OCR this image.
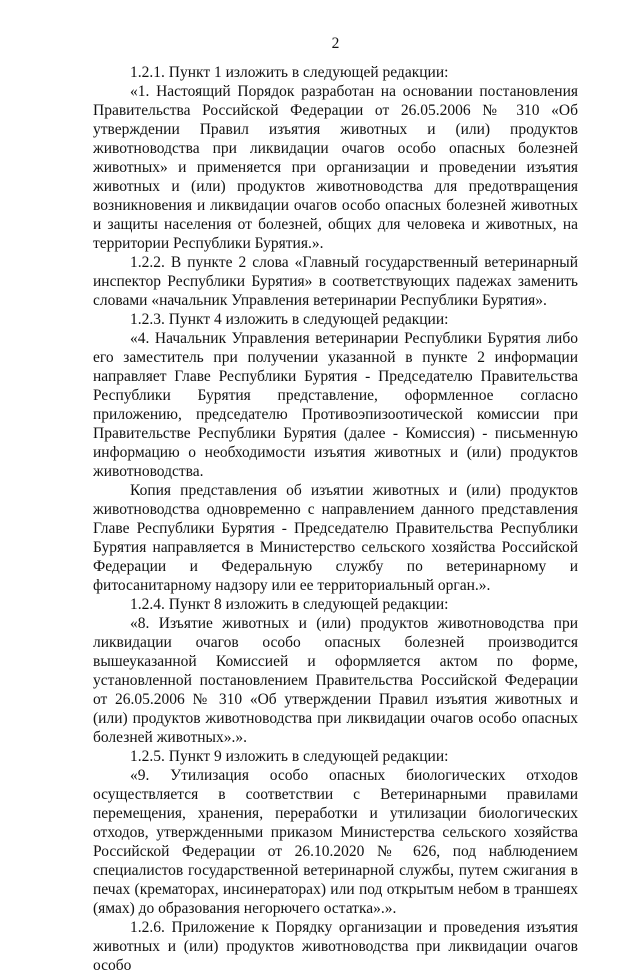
2

1.2.1. Пункт 1 изложить в следующей редакции:

«1. Настоящий Порядок разработан на основании постановления Правительства Российской Федерации от 26.05.2006 № 310 «Об утверждении Правил изъятия животных и (или) продуктов животноводства при ликвидации очагов особо опасных болезней животных» и применяется при организации и проведении изъятия животных и (или) продуктов животноводства для предотвращения возникновения и ликвидации очагов особо опасных болезней животных и защиты населения от болезней, общих для человека и животных, на территории Республики Бурятия.».

1.2.2. В пункте 2 слова «Главный государственный ветеринарный инспектор Республики Бурятия» в соответствующих падежах заменить словами «начальник Управления ветеринарии Республики Бурятия».

1.2.3. Пункт 4 изложить в следующей редакции:

«4. Начальник Управления ветеринарии Республики Бурятия либо его заместитель при получении указанной в пункте 2 информации направляет Главе Республики Бурятия - Председателю Правительства Республики Бурятия представление, оформленное согласно приложению, председателю Противоэпизоотической комиссии при Правительстве Республики Бурятия (далее - Комиссия) - письменную информацию о необходимости изъятия животных и (или) продуктов животноводства.

Копия представления об изъятии животных и (или) продуктов животноводства одновременно с направлением данного представления Главе Республики Бурятия - Председателю Правительства Республики Бурятия направляется в Министерство сельского хозяйства Российской Федерации и Федеральную службу по ветеринарному и фитосанитарному надзору или ее территориальный орган.».

1.2.4. Пункт 8 изложить в следующей редакции:

«8. Изъятие животных и (или) продуктов животноводства при ликвидации очагов особо опасных болезней производится вышеуказанной Комиссией и оформляется актом по форме, установленной постановлением Правительства Российской Федерации от 26.05.2006 № 310 «Об утверждении Правил изъятия животных и (или) продуктов животноводства при ликвидации очагов особо опасных болезней животных».».

1.2.5. Пункт 9 изложить в следующей редакции:

«9. Утилизация особо опасных биологических отходов осуществляется в соответствии с Ветеринарными правилами перемещения, хранения, переработки и утилизации биологических отходов, утвержденными приказом Министерства сельского хозяйства Российской Федерации от 26.10.2020 № 626, под наблюдением специалистов государственной ветеринарной службы, путем сжигания в печах (крематорах, инсинераторах) или под открытым небом в траншеях (ямах) до образования негорючего остатка».».

1.2.6. Приложение к Порядку организации и проведения изъятия животных и (или) продуктов животноводства при ликвидации очагов особо
